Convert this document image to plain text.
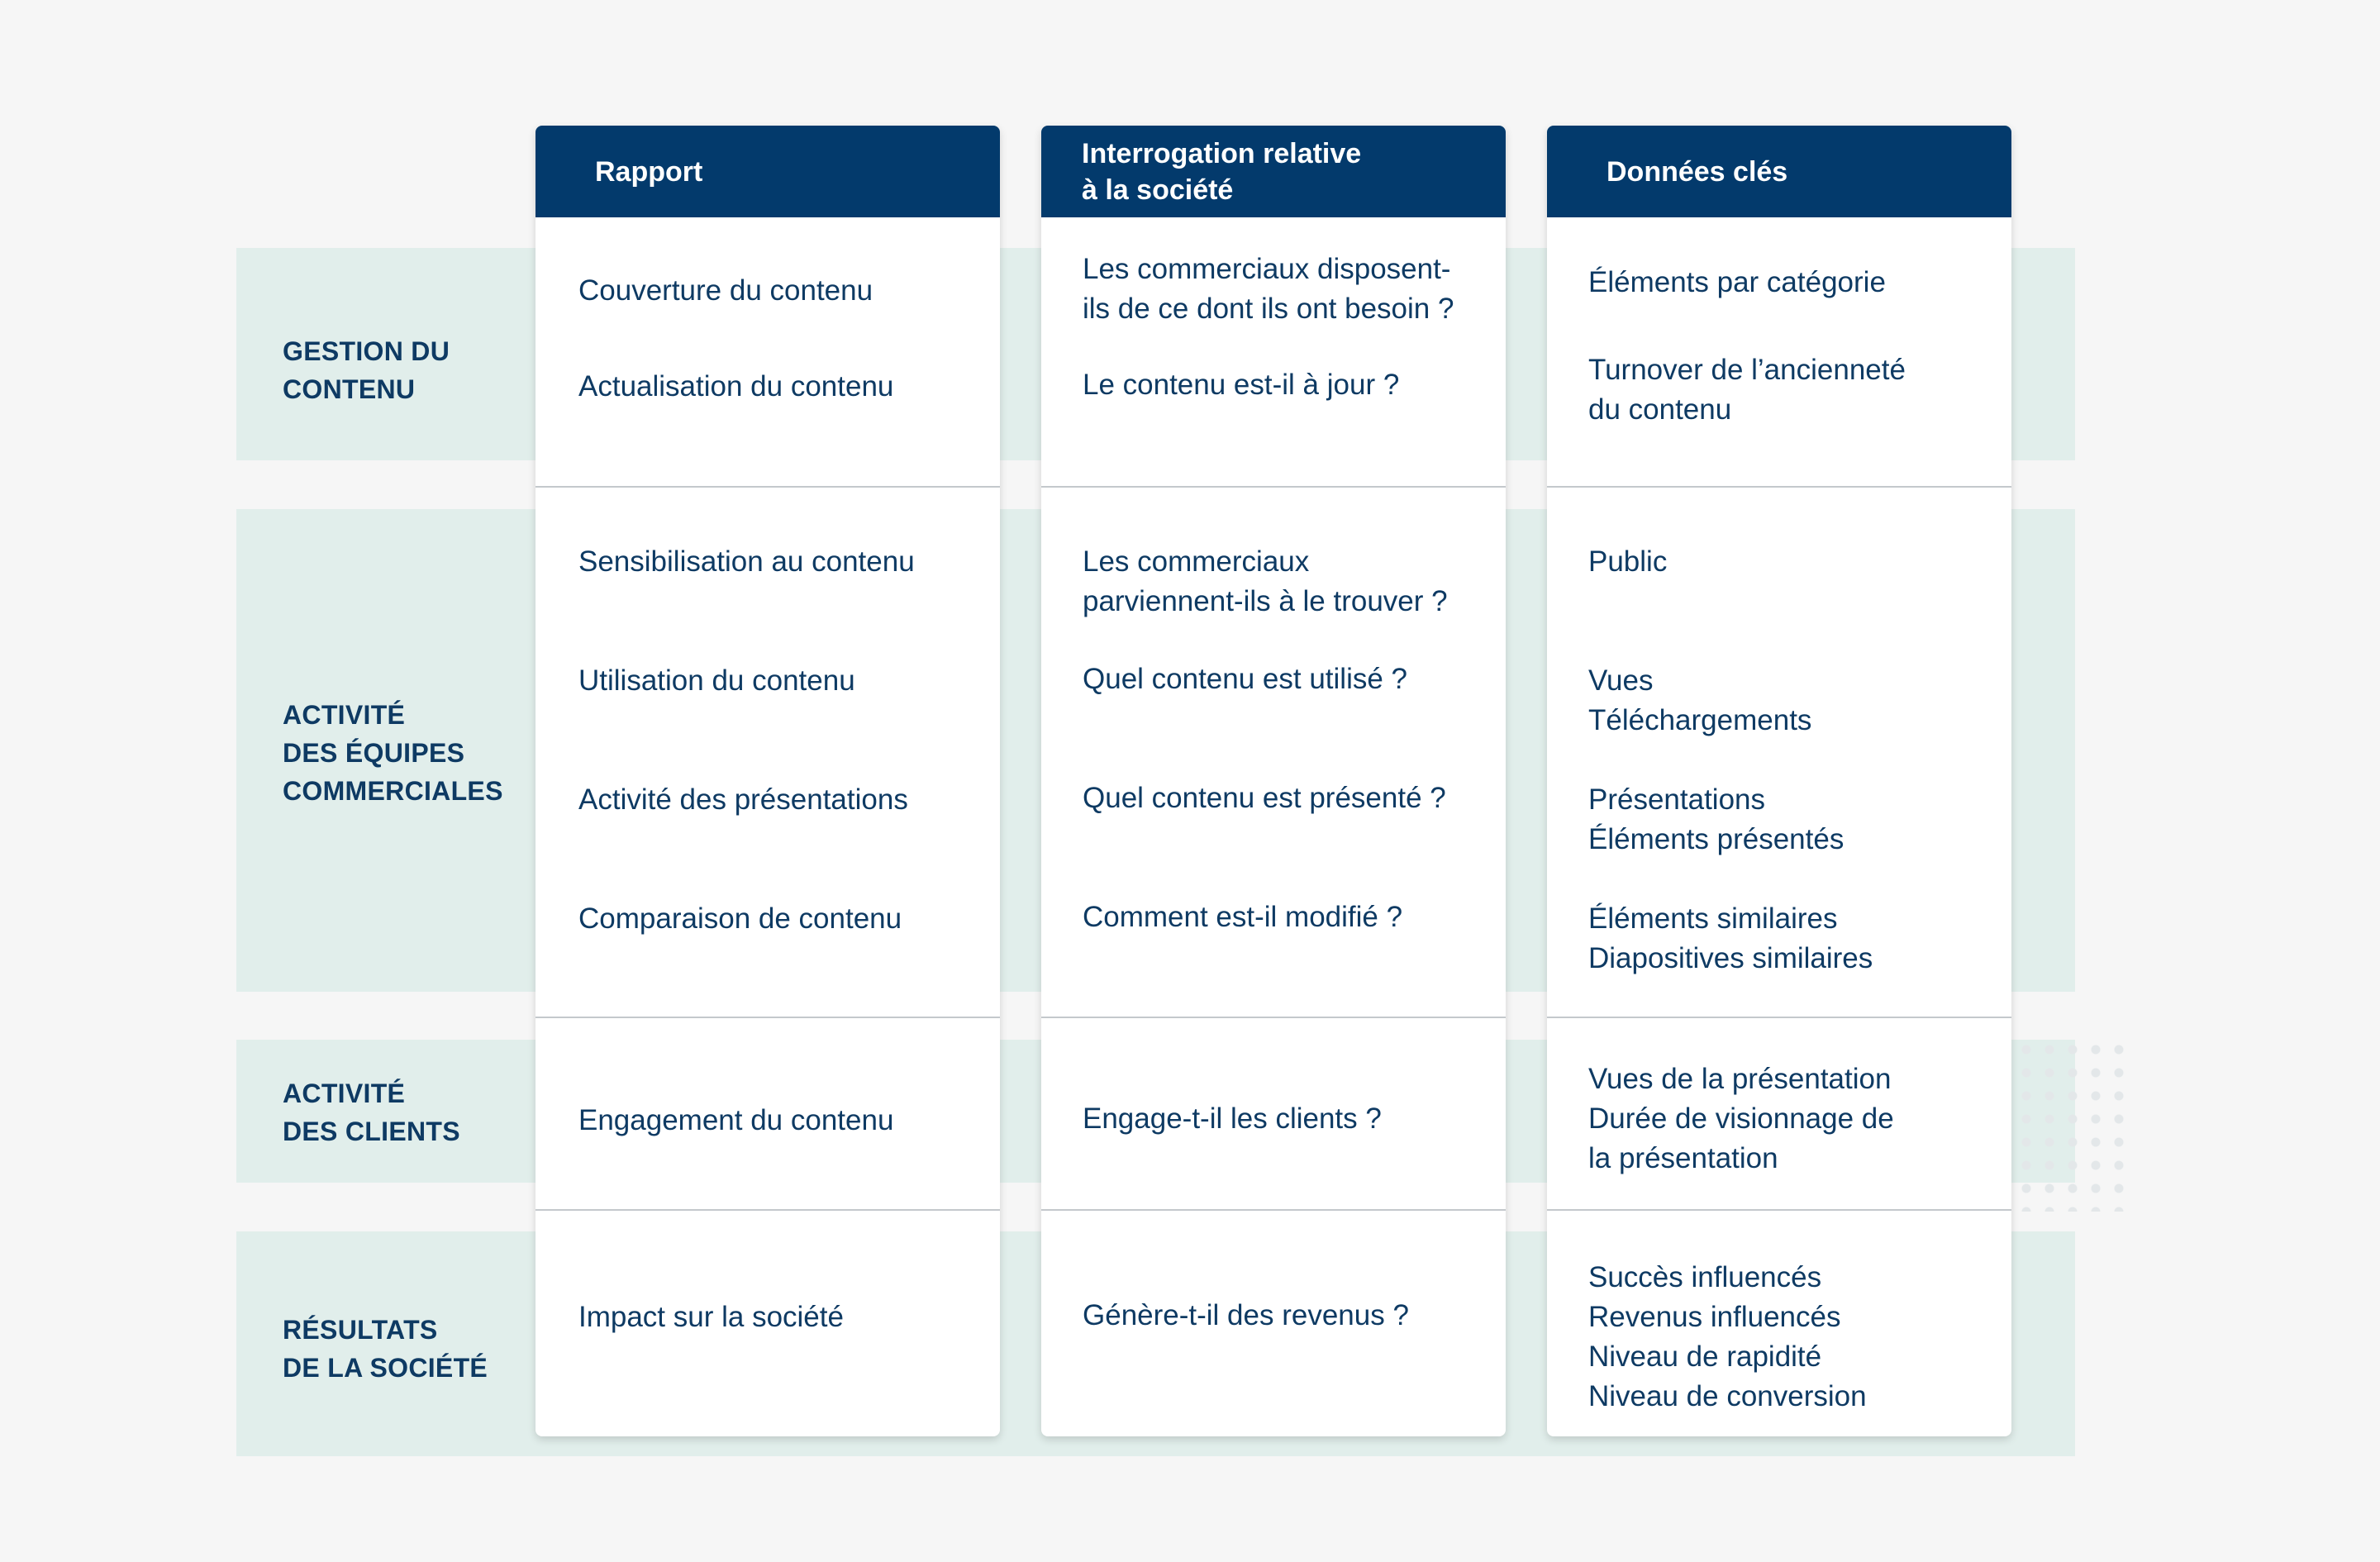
GESTION DU
CONTENU
ACTIVITÉ
DES ÉQUIPES
COMMERCIALES
ACTIVITÉ
DES CLIENTS
RÉSULTATS
DE LA SOCIÉTÉ
Rapport
Couverture du contenu
Actualisation du contenu
Sensibilisation au contenu
Utilisation du contenu
Activité des présentations
Comparaison de contenu
Engagement du contenu
Impact sur la société
Interrogation relative
à la société
Les commerciaux disposent-
ils de ce dont ils ont besoin ?
Le contenu est-il à jour ?
Les commerciaux
parviennent-ils à le trouver ?
Quel contenu est utilisé ?
Quel contenu est présenté ?
Comment est-il modifié ?
Engage-t-il les clients ?
Génère-t-il des revenus ?
Données clés
Éléments par catégorie
Turnover de l’ancienneté
du contenu
Public
Vues
Téléchargements
Présentations
Éléments présentés
Éléments similaires
Diapositives similaires
Vues de la présentation
Durée de visionnage de
la présentation
Succès influencés
Revenus influencés
Niveau de rapidité
Niveau de conversion
